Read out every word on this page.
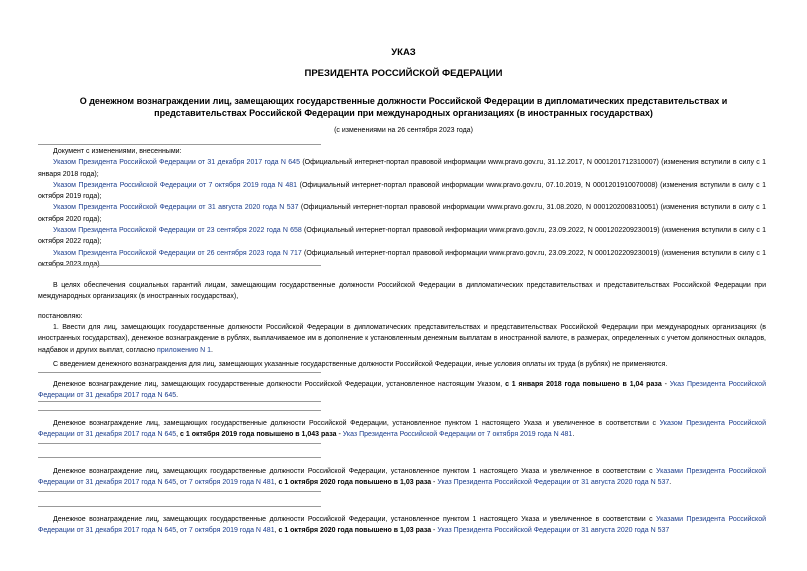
УКАЗ
ПРЕЗИДЕНТА РОССИЙСКОЙ ФЕДЕРАЦИИ
О денежном вознаграждении лиц, замещающих государственные должности Российской Федерации в дипломатических представительствах и представительствах Российской Федерации при международных организациях (в иностранных государствах)
(с изменениями на 26 сентября 2023 года)

Документ с изменениями, внесенными:

Указом Президента Российской Федерации от 31 декабря 2017 года N 645 (Официальный интернет-портал правовой информации www.pravo.gov.ru, 31.12.2017, N 0001201712310007) (изменения вступили в силу с 1 января 2018 года);

Указом Президента Российской Федерации от 7 октября 2019 года N 481 (Официальный интернет-портал правовой информации www.pravo.gov.ru, 07.10.2019, N 0001201910070008) (изменения вступили в силу с 1 октября 2019 года);

Указом Президента Российской Федерации от 31 августа 2020 года N 537 (Официальный интернет-портал правовой информации www.pravo.gov.ru, 31.08.2020, N 0001202008310051) (изменения вступили в силу с 1 октября 2020 года);

Указом Президента Российской Федерации от 23 сентября 2022 года N 658 (Официальный интернет-портал правовой информации www.pravo.gov.ru, 23.09.2022, N 0001202209230019) (изменения вступили в силу с 1 октября 2022 года);

Указом Президента Российской Федерации от 26 сентября 2023 года N 717 (Официальный интернет-портал правовой информации www.pravo.gov.ru, 23.09.2022, N 0001202209230019) (изменения вступили в силу с 1 октября 2023 года).

В целях обеспечения социальных гарантий лицам, замещающим государственные должности Российской Федерации в дипломатических представительствах и представительствах Российской Федерации при международных организациях (в иностранных государствах),
постановляю:
1. Ввести для лиц, замещающих государственные должности Российской Федерации в дипломатических представительствах и представительствах Российской Федерации при международных организациях (в иностранных государствах), денежное вознаграждение в рублях, выплачиваемое им в дополнение к установленным денежным выплатам в иностранной валюте, в размерах, определенных с учетом должностных окладов, надбавок и других выплат, согласно приложению N 1.
С введением денежного вознаграждения для лиц, замещающих указанные государственные должности Российской Федерации, иные условия оплаты их труда (в рублях) не применяются.
Денежное вознаграждение лиц, замещающих государственные должности Российской Федерации, установленное настоящим Указом, с 1 января 2018 года повышено в 1,04 раза - Указ Президента Российской Федерации от 31 декабря 2017 года N 645.
Денежное вознаграждение лиц, замещающих государственные должности Российской Федерации, установленное пунктом 1 настоящего Указа и увеличенное в соответствии с Указом Президента Российской Федерации от 31 декабря 2017 года N 645, с 1 октября 2019 года повышено в 1,043 раза - Указ Президента Российской Федерации от 7 октября 2019 года N 481.
Денежное вознаграждение лиц, замещающих государственные должности Российской Федерации, установленное пунктом 1 настоящего Указа и увеличенное в соответствии с Указами Президента Российской Федерации от 31 декабря 2017 года N 645, от 7 октября 2019 года N 481, с 1 октября 2020 года повышено в 1,03 раза - Указ Президента Российской Федерации от 31 августа 2020 года N 537.
Денежное вознаграждение лиц, замещающих государственные должности Российской Федерации, установленное пунктом 1 настоящего Указа и увеличенное в соответствии с Указами Президента Российской Федерации от 31 декабря 2017 года N 645, от 7 октября 2019 года N 481, с 1 октября 2020 года повышено в 1,03 раза - Указ Президента Российской Федерации от 31 августа 2020 года N 537
